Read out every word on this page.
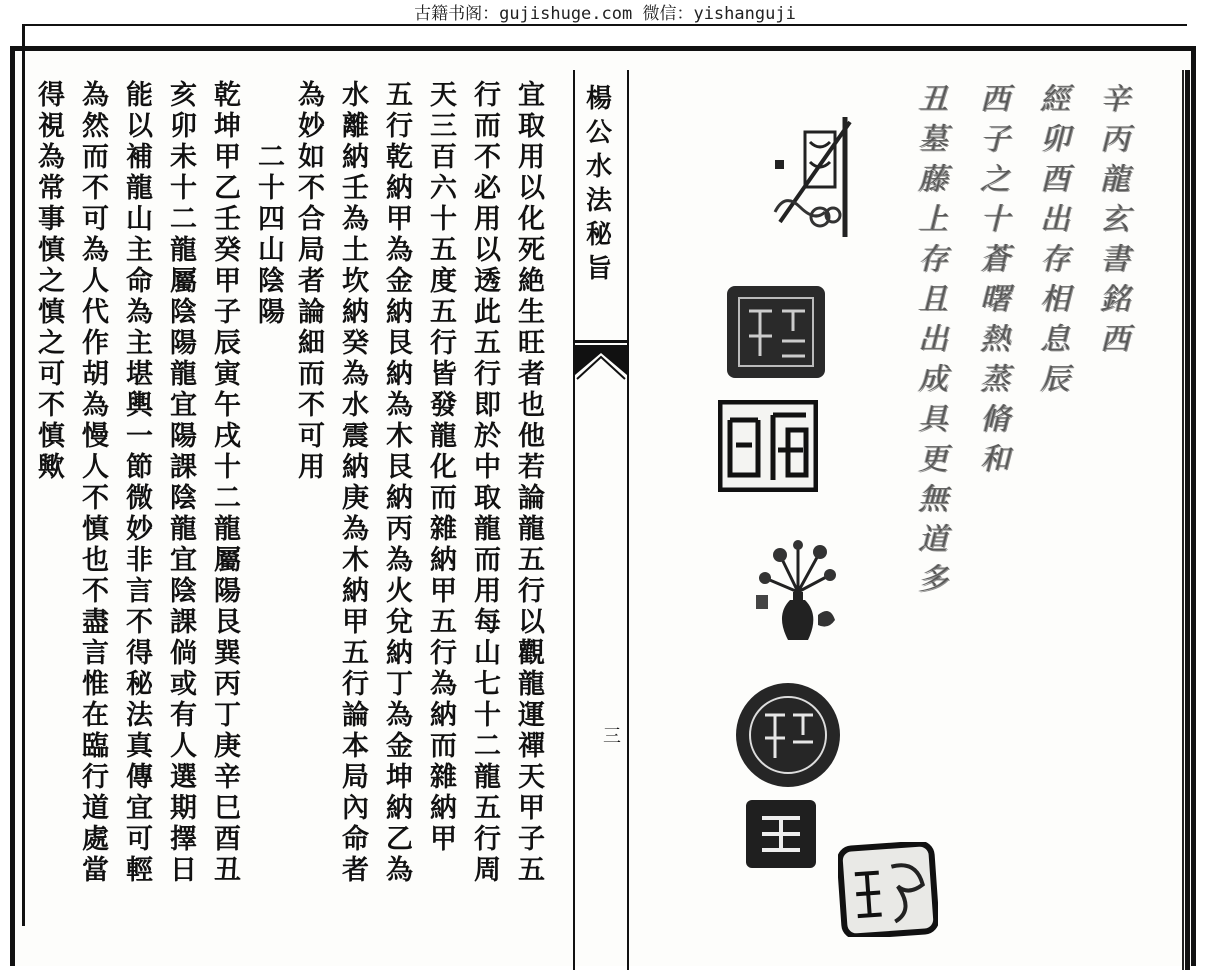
古籍书阁：gujishuge.com 微信：yishanguji
楊公水法秘旨
三
宜取用以化死絶生旺者也他若論龍五行以觀龍運禪天甲子五
行而不必用以透此五行即於中取龍而用每山七十二龍五行周
天三百六十五度五行皆發龍化而雜納甲五行為納而雜納甲
五行乾納甲為金納艮納為木艮納丙為火兌納丁為金坤納乙為
水離納壬為土坎納癸為水震納庚為木納甲五行論本局內命者
為妙如不合局者論細而不可用
二十四山陰陽
乾坤甲乙壬癸甲子辰寅午戌十二龍屬陽艮巽丙丁庚辛巳酉丑
亥卯未十二龍屬陰陽龍宜陽課陰龍宜陰課倘或有人選期擇日
能以補龍山主命為主堪輿一節微妙非言不得秘法真傳宜可輕
為然而不可為人代作胡為慢人不慎也不盡言惟在臨行道處當
得視為常事慎之慎之可不慎歟
辛丙龍玄書銘西
經卯酉出存相息辰
西子之十蒼曙熱蒸脩和
丑墓藤上存且出成具更無道多
